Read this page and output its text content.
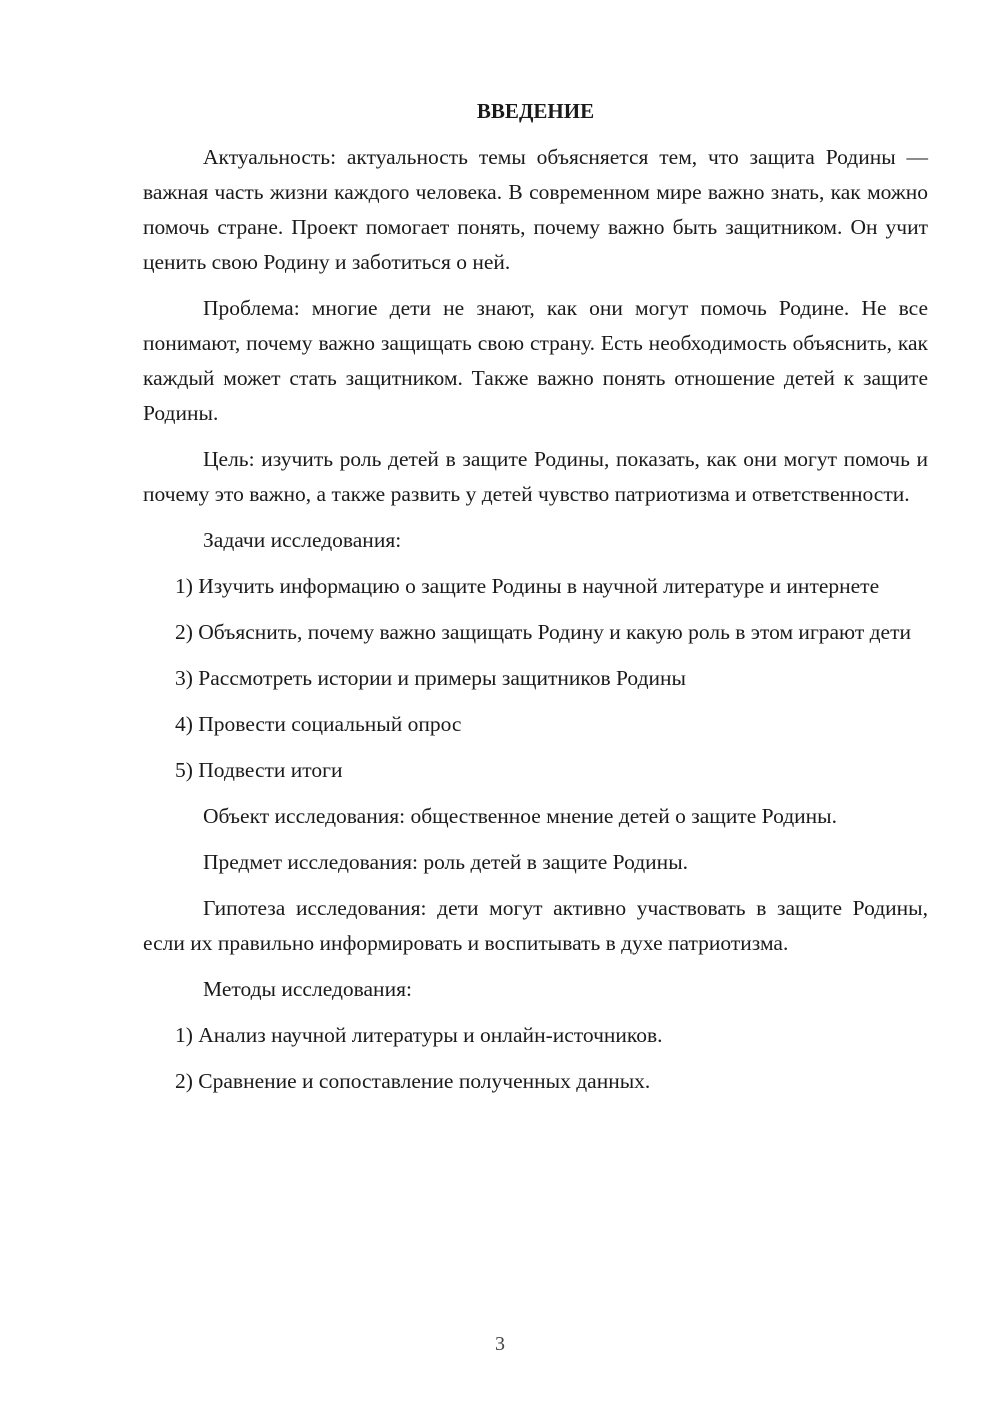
ВВЕДЕНИЕ

Актуальность: актуальность темы объясняется тем, что защита Родины — важная часть жизни каждого человека. В современном мире важно знать, как можно помочь стране. Проект помогает понять, почему важно быть защитником. Он учит ценить свою Родину и заботиться о ней.

Проблема: многие дети не знают, как они могут помочь Родине. Не все понимают, почему важно защищать свою страну. Есть необходимость объяснить, как каждый может стать защитником. Также важно понять отношение детей к защите Родины.

Цель: изучить роль детей в защите Родины, показать, как они могут помочь и почему это важно, а также развить у детей чувство патриотизма и ответственности.

Задачи исследования:

1) Изучить информацию о защите Родины в научной литературе и интернете

2) Объяснить, почему важно защищать Родину и какую роль в этом играют дети

3) Рассмотреть истории и примеры защитников Родины

4) Провести социальный опрос

5) Подвести итоги

Объект исследования: общественное мнение детей о защите Родины.

Предмет исследования: роль детей в защите Родины.

Гипотеза исследования: дети могут активно участвовать в защите Родины, если их правильно информировать и воспитывать в духе патриотизма.

Методы исследования:

1) Анализ научной литературы и онлайн-источников.

2) Сравнение и сопоставление полученных данных.

3
